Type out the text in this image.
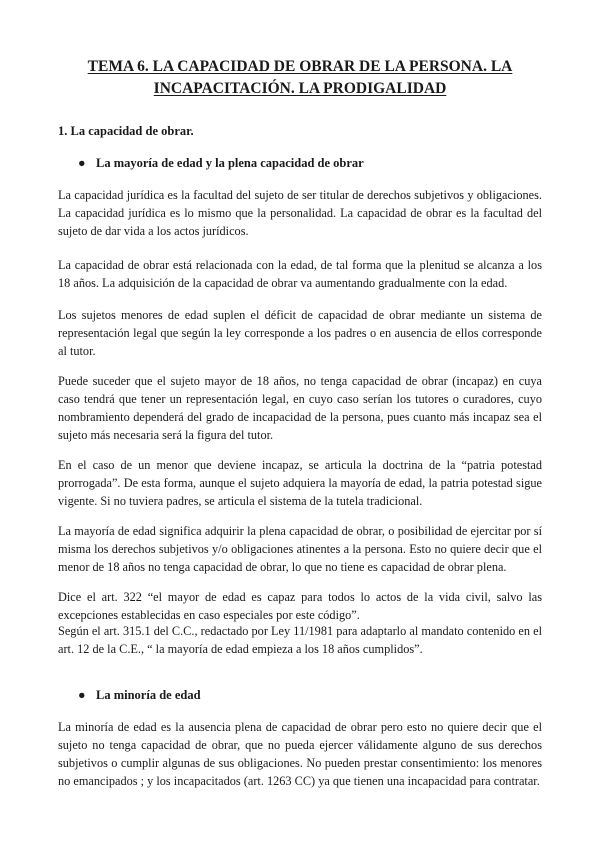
TEMA 6. LA CAPACIDAD DE OBRAR DE LA PERSONA. LA INCAPACITACIÓN. LA PRODIGALIDAD
1. La capacidad de obrar.
● La mayoría de edad y la plena capacidad de obrar
La capacidad jurídica es la facultad del sujeto de ser titular de derechos subjetivos y obligaciones. La capacidad jurídica es lo mismo que la personalidad. La capacidad de obrar es la facultad del sujeto de dar vida a los actos jurídicos.
La capacidad de obrar está relacionada con la edad, de tal forma que la plenitud se alcanza a los 18 años. La adquisición de la capacidad de obrar va aumentando gradualmente con la edad.
Los sujetos menores de edad suplen el déficit de capacidad de obrar mediante un sistema de representación legal que según la ley corresponde a los padres o en ausencia de ellos corresponde al tutor.
Puede suceder que el sujeto mayor de 18 años, no tenga capacidad de obrar (incapaz) en cuya caso tendrá que tener un representación legal, en cuyo caso serían los tutores o curadores, cuyo nombramiento dependerá del grado de incapacidad de la persona, pues cuanto más incapaz sea el sujeto más necesaria será la figura del tutor.
En el caso de un menor que deviene incapaz, se articula la doctrina de la “patria potestad prorrogada”. De esta forma, aunque el sujeto adquiera la mayoría de edad, la patria potestad sigue vigente. Si no tuviera padres, se articula el sistema de la tutela tradicional.
La mayoría de edad significa adquirir la plena capacidad de obrar, o posibilidad de ejercitar por sí misma los derechos subjetivos y/o obligaciones atinentes a la persona. Esto no quiere decir que el menor de 18 años no tenga capacidad de obrar, lo que no tiene es capacidad de obrar plena.
Dice el art. 322 “el mayor de edad es capaz para todos lo actos de la vida civil, salvo las excepciones establecidas en caso especiales por este código”.
Según el art. 315.1 del C.C., redactado por Ley 11/1981 para adaptarlo al mandato contenido en el art. 12 de la C.E., “ la mayoría de edad empieza a los 18 años cumplidos”.
● La minoría de edad
La minoría de edad es la ausencia plena de capacidad de obrar pero esto no quiere decir que el sujeto no tenga capacidad de obrar, que no pueda ejercer válidamente alguno de sus derechos subjetivos o cumplir algunas de sus obligaciones. No pueden prestar consentimiento: los menores no emancipados ; y los incapacitados (art. 1263 CC) ya que tienen una incapacidad para contratar.
